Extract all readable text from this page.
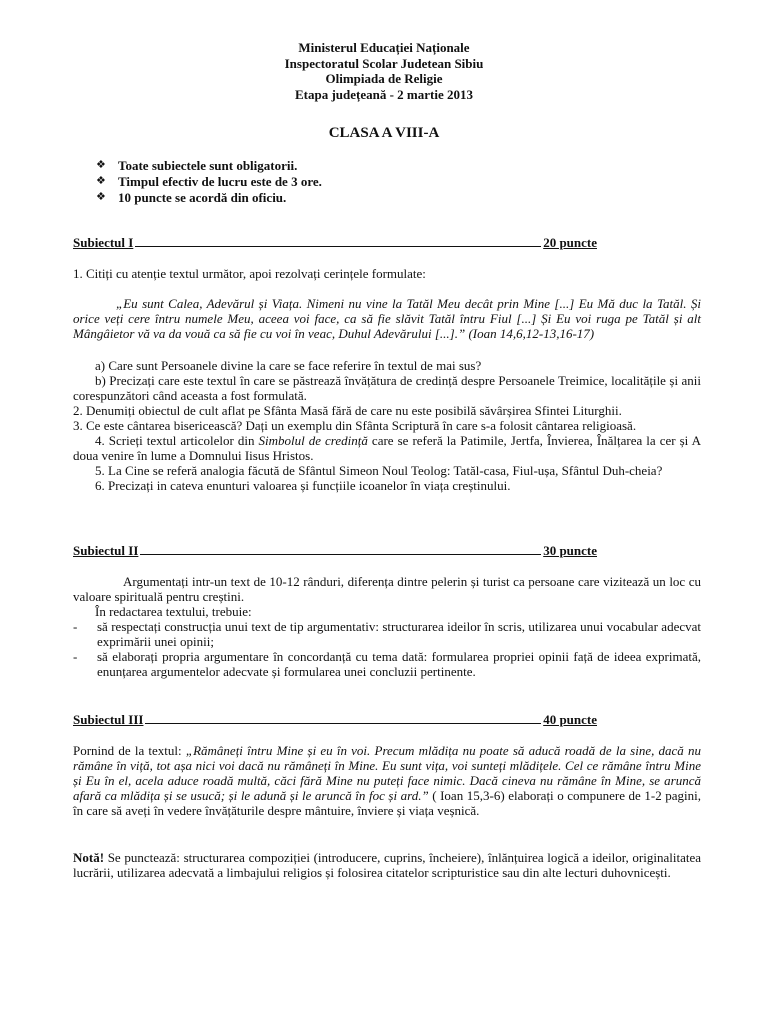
Ministerul Educației Naționale
Inspectoratul Scolar Judetean Sibiu
Olimpiada de Religie
Etapa județeană - 2 martie 2013
CLASA A VIII-A
❖ Toate subiectele sunt obligatorii.
❖ Timpul efectiv de lucru este de 3 ore.
❖ 10 puncte se acordă din oficiu.
Subiectul I	20 puncte
1. Citiți cu atenție textul următor, apoi rezolvați cerințele formulate:
„Eu sunt Calea, Adevărul și Viața. Nimeni nu vine la Tatăl Meu decât prin Mine [...] Eu Mă duc la Tatăl. Și orice veți cere întru numele Meu, aceea voi face, ca să fie slăvit Tatăl întru Fiul [...] Și Eu voi ruga pe Tatăl și alt Mângâietor vă va da vouă ca să fie cu voi în veac, Duhul Adevărului [...].” (Ioan 14,6,12-13,16-17)

a) Care sunt Persoanele divine la care se face referire în textul de mai sus?

b) Precizați care este textul în care se păstrează învățătura de credință despre Persoanele Treimice, localitățile și anii corespunzători când aceasta a fost formulată.

2. Denumiți obiectul de cult aflat pe Sfânta Masă fără de care nu este posibilă săvârșirea Sfintei Liturghii.

3. Ce este cântarea bisericească? Dați un exemplu din Sfânta Scriptură în care s-a folosit cântarea religioasă.

4. Scrieți textul articolelor din Simbolul de credință care se referă la Patimile, Jertfa, Învierea, Înălțarea la cer și A doua venire în lume a Domnului Iisus Hristos.

5. La Cine se referă analogia făcută de Sfântul Simeon Noul Teolog: Tatăl-casa, Fiul-ușa, Sfântul Duh-cheia?

6. Precizați in cateva enunturi valoarea și funcțiile icoanelor în viața creștinului.

Subiectul II	30 puncte

Argumentați intr-un text de 10-12 rânduri, diferența dintre pelerin și turist ca persoane care vizitează un loc cu valoare spirituală pentru creștini.

În redactarea textului, trebuie:

-	să respectați construcția unui text de tip argumentativ: structurarea ideilor în scris, utilizarea unui vocabular adecvat exprimării unei opinii;
-	să elaborați propria argumentare în concordanță cu tema dată: formularea propriei opinii față de ideea exprimată, enunțarea argumentelor adecvate și formularea unei concluzii pertinente.
Subiectul III	40 puncte
Pornind de la textul: „Rămâneți întru Mine și eu în voi. Precum mlădița nu poate să aducă roadă de la sine, dacă nu rămâne în viță, tot așa nici voi dacă nu rămâneți în Mine. Eu sunt vița, voi sunteți mlădițele. Cel ce rămâne întru Mine și Eu în el, acela aduce roadă multă, căci fără Mine nu puteți face nimic. Dacă cineva nu rămâne în Mine, se aruncă afară ca mlădița și se usucă; și le adună și le aruncă în foc și ard.” ( Ioan 15,3-6) elaborați o compunere de 1-2 pagini, în care să aveți în vedere învățăturile despre mântuire, înviere și viața veșnică.
Notă! Se punctează: structurarea compoziției (introducere, cuprins, încheiere), înlănțuirea logică a ideilor, originalitatea lucrării, utilizarea adecvată a limbajului religios și folosirea citatelor scripturistice sau din alte lecturi duhovnicești.
